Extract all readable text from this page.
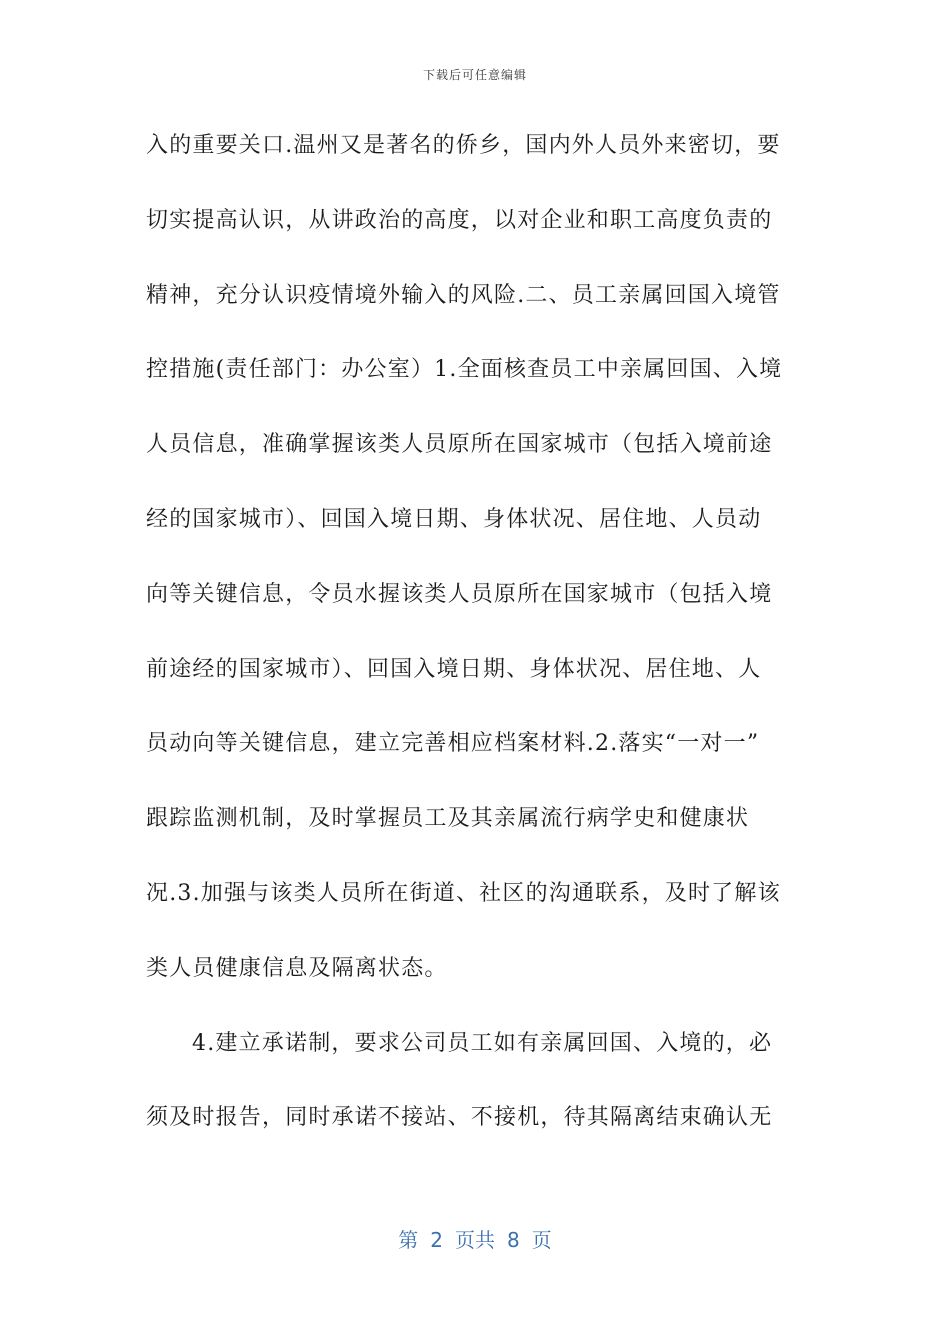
下载后可任意编辑
入的重要关口.温州又是著名的侨乡，国内外人员外来密切，要
切实提高认识，从讲政治的高度，以对企业和职工高度负责的
精神，充分认识疫情境外输入的风险.二、员工亲属回国入境管
控措施(责任部门：办公室）1.全面核查员工中亲属回国、入境
人员信息，准确掌握该类人员原所在国家城市（包括入境前途
经的国家城市）、回国入境日期、身体状况、居住地、人员动
向等关键信息，令员水握该类人员原所在国家城市（包括入境
前途经的国家城市）、回国入境日期、身体状况、居住地、人
员动向等关键信息，建立完善相应档案材料.2.落实“一对一”
跟踪监测机制，及时掌握员工及其亲属流行病学史和健康状
况.3.加强与该类人员所在街道、社区的沟通联系，及时了解该
类人员健康信息及隔离状态。
4.建立承诺制，要求公司员工如有亲属回国、入境的，必
须及时报告，同时承诺不接站、不接机，待其隔离结束确认无
第 2 页共 8 页
